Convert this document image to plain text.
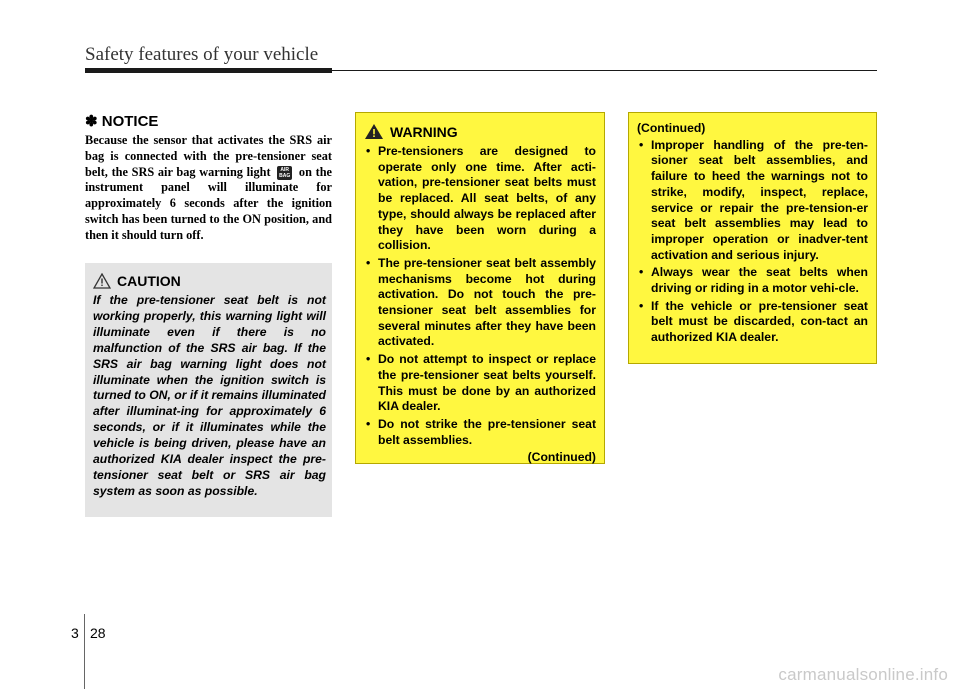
Safety features of your vehicle
✽ NOTICE
Because the sensor that activates the SRS air bag is connected with the pre-tensioner seat belt, the SRS air bag warning light AIR
BAG on the instrument panel will illuminate for approximately 6 seconds after the ignition switch has been turned to the ON position, and then it should turn off.
CAUTION
If the pre-tensioner seat belt is not working properly, this warning light will illuminate even if there is no malfunction of the SRS air bag. If the SRS air bag warning light does not illuminate when the ignition switch is turned to ON, or if it remains illuminated after illuminat-ing for approximately 6 seconds, or if it illuminates while the vehicle is being driven, please have an authorized KIA dealer inspect the pre-tensioner seat belt or SRS air bag system as soon as possible.
WARNING
• Pre-tensioners are designed to operate only one time. After acti-vation, pre-tensioner seat belts must be replaced. All seat belts, of any type, should always be replaced after they have been worn during a collision.
• The pre-tensioner seat belt assembly mechanisms become hot during activation. Do not touch the pre-tensioner seat belt assemblies for several minutes after they have been activated.
• Do not attempt to inspect or replace the pre-tensioner seat belts yourself. This must be done by an authorized KIA dealer.
• Do not strike the pre-tensioner seat belt assemblies.
(Continued)
(Continued)
• Improper handling of the pre-ten-sioner seat belt assemblies, and failure to heed the warnings not to strike, modify, inspect, replace, service or repair the pre-tension-er seat belt assemblies may lead to improper operation or inadver-tent activation and serious injury.
• Always wear the seat belts when driving or riding in a motor vehi-cle.
• If the vehicle or pre-tensioner seat belt must be discarded, con-tact an authorized KIA dealer.
3 28
carmanualsonline.info
